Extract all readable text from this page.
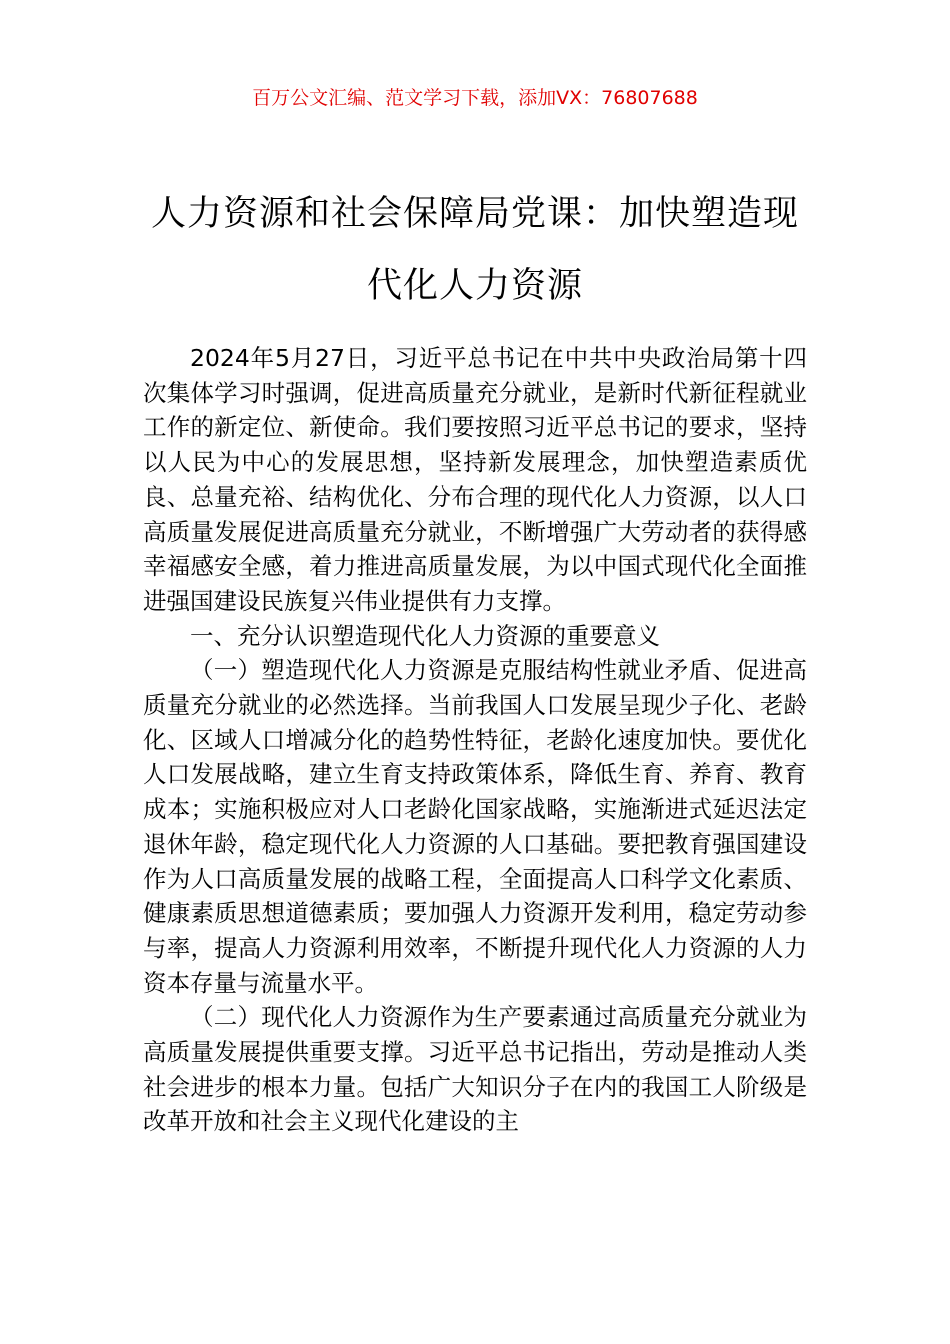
百万公文汇编、范文学习下载，添加VX：76807688
人力资源和社会保障局党课：加快塑造现代化人力资源

2024年5月27日，习近平总书记在中共中央政治局第十四次集体学习时强调，促进高质量充分就业，是新时代新征程就业工作的新定位、新使命。我们要按照习近平总书记的要求，坚持以人民为中心的发展思想，坚持新发展理念，加快塑造素质优良、总量充裕、结构优化、分布合理的现代化人力资源，以人口高质量发展促进高质量充分就业，不断增强广大劳动者的获得感幸福感安全感，着力推进高质量发展，为以中国式现代化全面推进强国建设民族复兴伟业提供有力支撑。

一、充分认识塑造现代化人力资源的重要意义

（一）塑造现代化人力资源是克服结构性就业矛盾、促进高质量充分就业的必然选择。当前我国人口发展呈现少子化、老龄化、区域人口增减分化的趋势性特征，老龄化速度加快。要优化人口发展战略，建立生育支持政策体系，降低生育、养育、教育成本；实施积极应对人口老龄化国家战略，实施渐进式延迟法定退休年龄，稳定现代化人力资源的人口基础。要把教育强国建设作为人口高质量发展的战略工程，全面提高人口科学文化素质、健康素质思想道德素质；要加强人力资源开发利用，稳定劳动参与率，提高人力资源利用效率，不断提升现代化人力资源的人力资本存量与流量水平。

（二）现代化人力资源作为生产要素通过高质量充分就业为高质量发展提供重要支撑。习近平总书记指出，劳动是推动人类社会进步的根本力量。包括广大知识分子在内的我国工人阶级是改革开放和社会主义现代化建设的主
